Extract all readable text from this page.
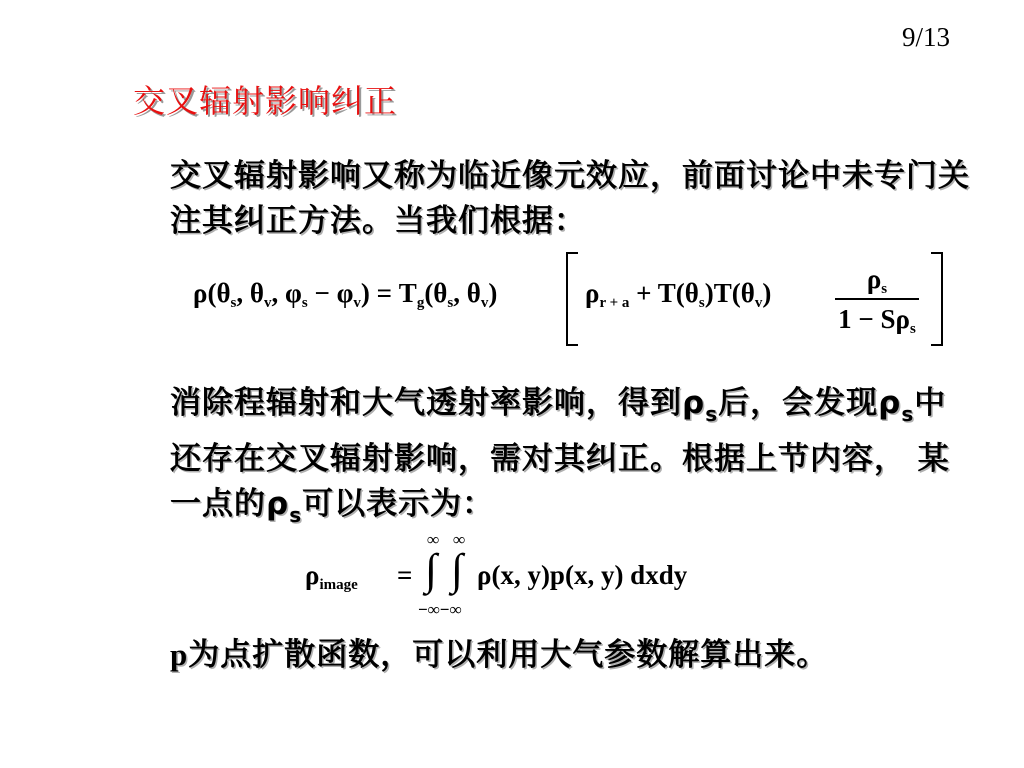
9/13
交叉辐射影响纠正
交叉辐射影响又称为临近像元效应，前面讨论中未专门关注其纠正方法。当我们根据：
ρ(θs, θv, φs − φv) = Tg(θs, θv)	ρr + a + T(θs)T(θv)	ρs
1 − Sρs
消除程辐射和大气透射率影响，得到$\rho_s$后，会发现$\rho_s$中还存在交叉辐射影响，需对其纠正。根据上节内容， 某一点的$\rho_s$可以表示为：
ρimage =
∞ ∞
∫ ∫
−∞−∞
ρ(x, y)p(x, y) dxdy
p为点扩散函数，可以利用大气参数解算出来。
